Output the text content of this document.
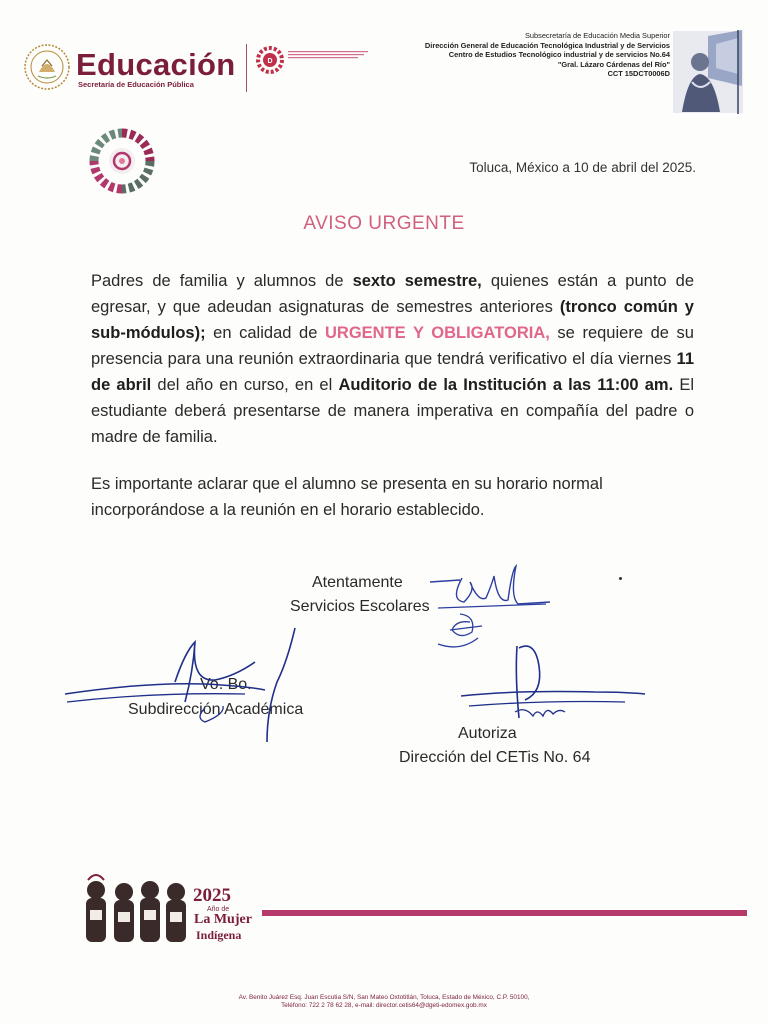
Educación
Secretaría de Educación Pública
D
Subsecretaría de Educación Media Superior
Dirección General de Educación Tecnológica Industrial y de Servicios
Centro de Estudios Tecnológico industrial y de servicios No.64
"Gral. Lázaro Cárdenas del Río"
CCT 15DCT0006D
Toluca, México a 10 de abril del 2025.
AVISO URGENTE
Padres de familia y alumnos de sexto semestre, quienes están a punto de egresar, y que adeudan asignaturas de semestres anteriores (tronco común y sub-módulos); en calidad de URGENTE Y OBLIGATORIA, se requiere de su presencia para una reunión extraordinaria que tendrá verificativo el día viernes 11 de abril del año en curso, en el Auditorio de la Institución a las 11:00 am. El estudiante deberá presentarse de manera imperativa en compañía del padre o madre de familia.
Es importante aclarar que el alumno se presenta en su horario normal incorporándose a la reunión en el horario establecido.
Atentamente
Servicios Escolares
Vo. Bo.
Subdirección Académica
Autoriza
Dirección del CETis No. 64
2025
Año de
La Mujer
Indígena
Av. Benito Juárez Esq. Juan Escutia S/N, San Mateo Oxtotitlán, Toluca, Estado de México, C.P. 50100,
Teléfono: 722 2 78 62 28, e-mail: director.cetis64@dgeti-edomex.gob.mx
